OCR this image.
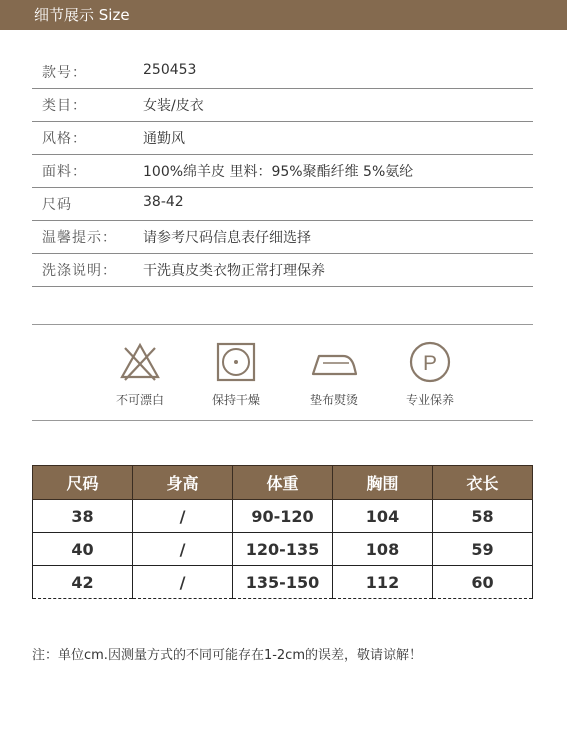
细节展示 Size
款号：	250453
类目：	女装/皮衣
风格：	通勤风
面料：	100%绵羊皮 里料：95%聚酯纤维 5%氨纶
尺码	38-42
温馨提示： 请参考尺码信息表仔细选择
洗涤说明： 干洗真皮类衣物正常打理保养
不可漂白	保持干燥	垫布熨烫
P
专业保养
尺码	身高	体重	胸围	衣长
38	/	90-120	104	58
40	/	120-135	108	59
42	/	135-150	112	60
注：单位cm.因测量方式的不同可能存在1-2cm的误差，敬请谅解！
